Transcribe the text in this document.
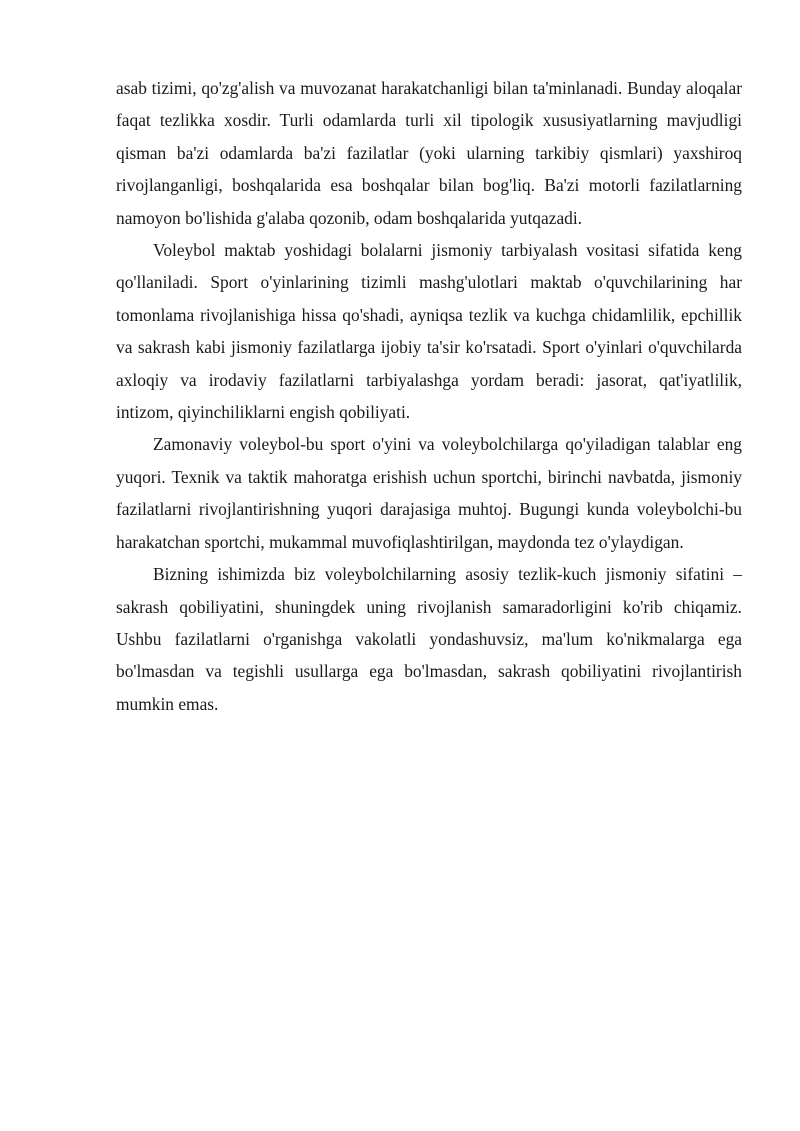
asab tizimi, qo'zg'alish va muvozanat harakatchanligi bilan ta'minlanadi. Bunday aloqalar faqat tezlikka xosdir. Turli odamlarda turli xil tipologik xususiyatlarning mavjudligi qisman ba'zi odamlarda ba'zi fazilatlar (yoki ularning tarkibiy qismlari) yaxshiroq rivojlanganligi, boshqalarida esa boshqalar bilan bog'liq. Ba'zi motorli fazilatlarning namoyon bo'lishida g'alaba qozonib, odam boshqalarida yutqazadi.

Voleybol maktab yoshidagi bolalarni jismoniy tarbiyalash vositasi sifatida keng qo'llaniladi. Sport o'yinlarining tizimli mashg'ulotlari maktab o'quvchilarining har tomonlama rivojlanishiga hissa qo'shadi, ayniqsa tezlik va kuchga chidamlilik, epchillik va sakrash kabi jismoniy fazilatlarga ijobiy ta'sir ko'rsatadi. Sport o'yinlari o'quvchilarda axloqiy va irodaviy fazilatlarni tarbiyalashga yordam beradi: jasorat, qat'iyatlilik, intizom, qiyinchiliklarni engish qobiliyati.

Zamonaviy voleybol-bu sport o'yini va voleybolchilarga qo'yiladigan talablar eng yuqori. Texnik va taktik mahoratga erishish uchun sportchi, birinchi navbatda, jismoniy fazilatlarni rivojlantirishning yuqori darajasiga muhtoj. Bugungi kunda voleybolchi-bu harakatchan sportchi, mukammal muvofiqlashtirilgan, maydonda tez o'ylaydigan.

Bizning ishimizda biz voleybolchilarning asosiy tezlik-kuch jismoniy sifatini – sakrash qobiliyatini, shuningdek uning rivojlanish samaradorligini ko'rib chiqamiz. Ushbu fazilatlarni o'rganishga vakolatli yondashuvsiz, ma'lum ko'nikmalarga ega bo'lmasdan va tegishli usullarga ega bo'lmasdan, sakrash qobiliyatini rivojlantirish mumkin emas.
